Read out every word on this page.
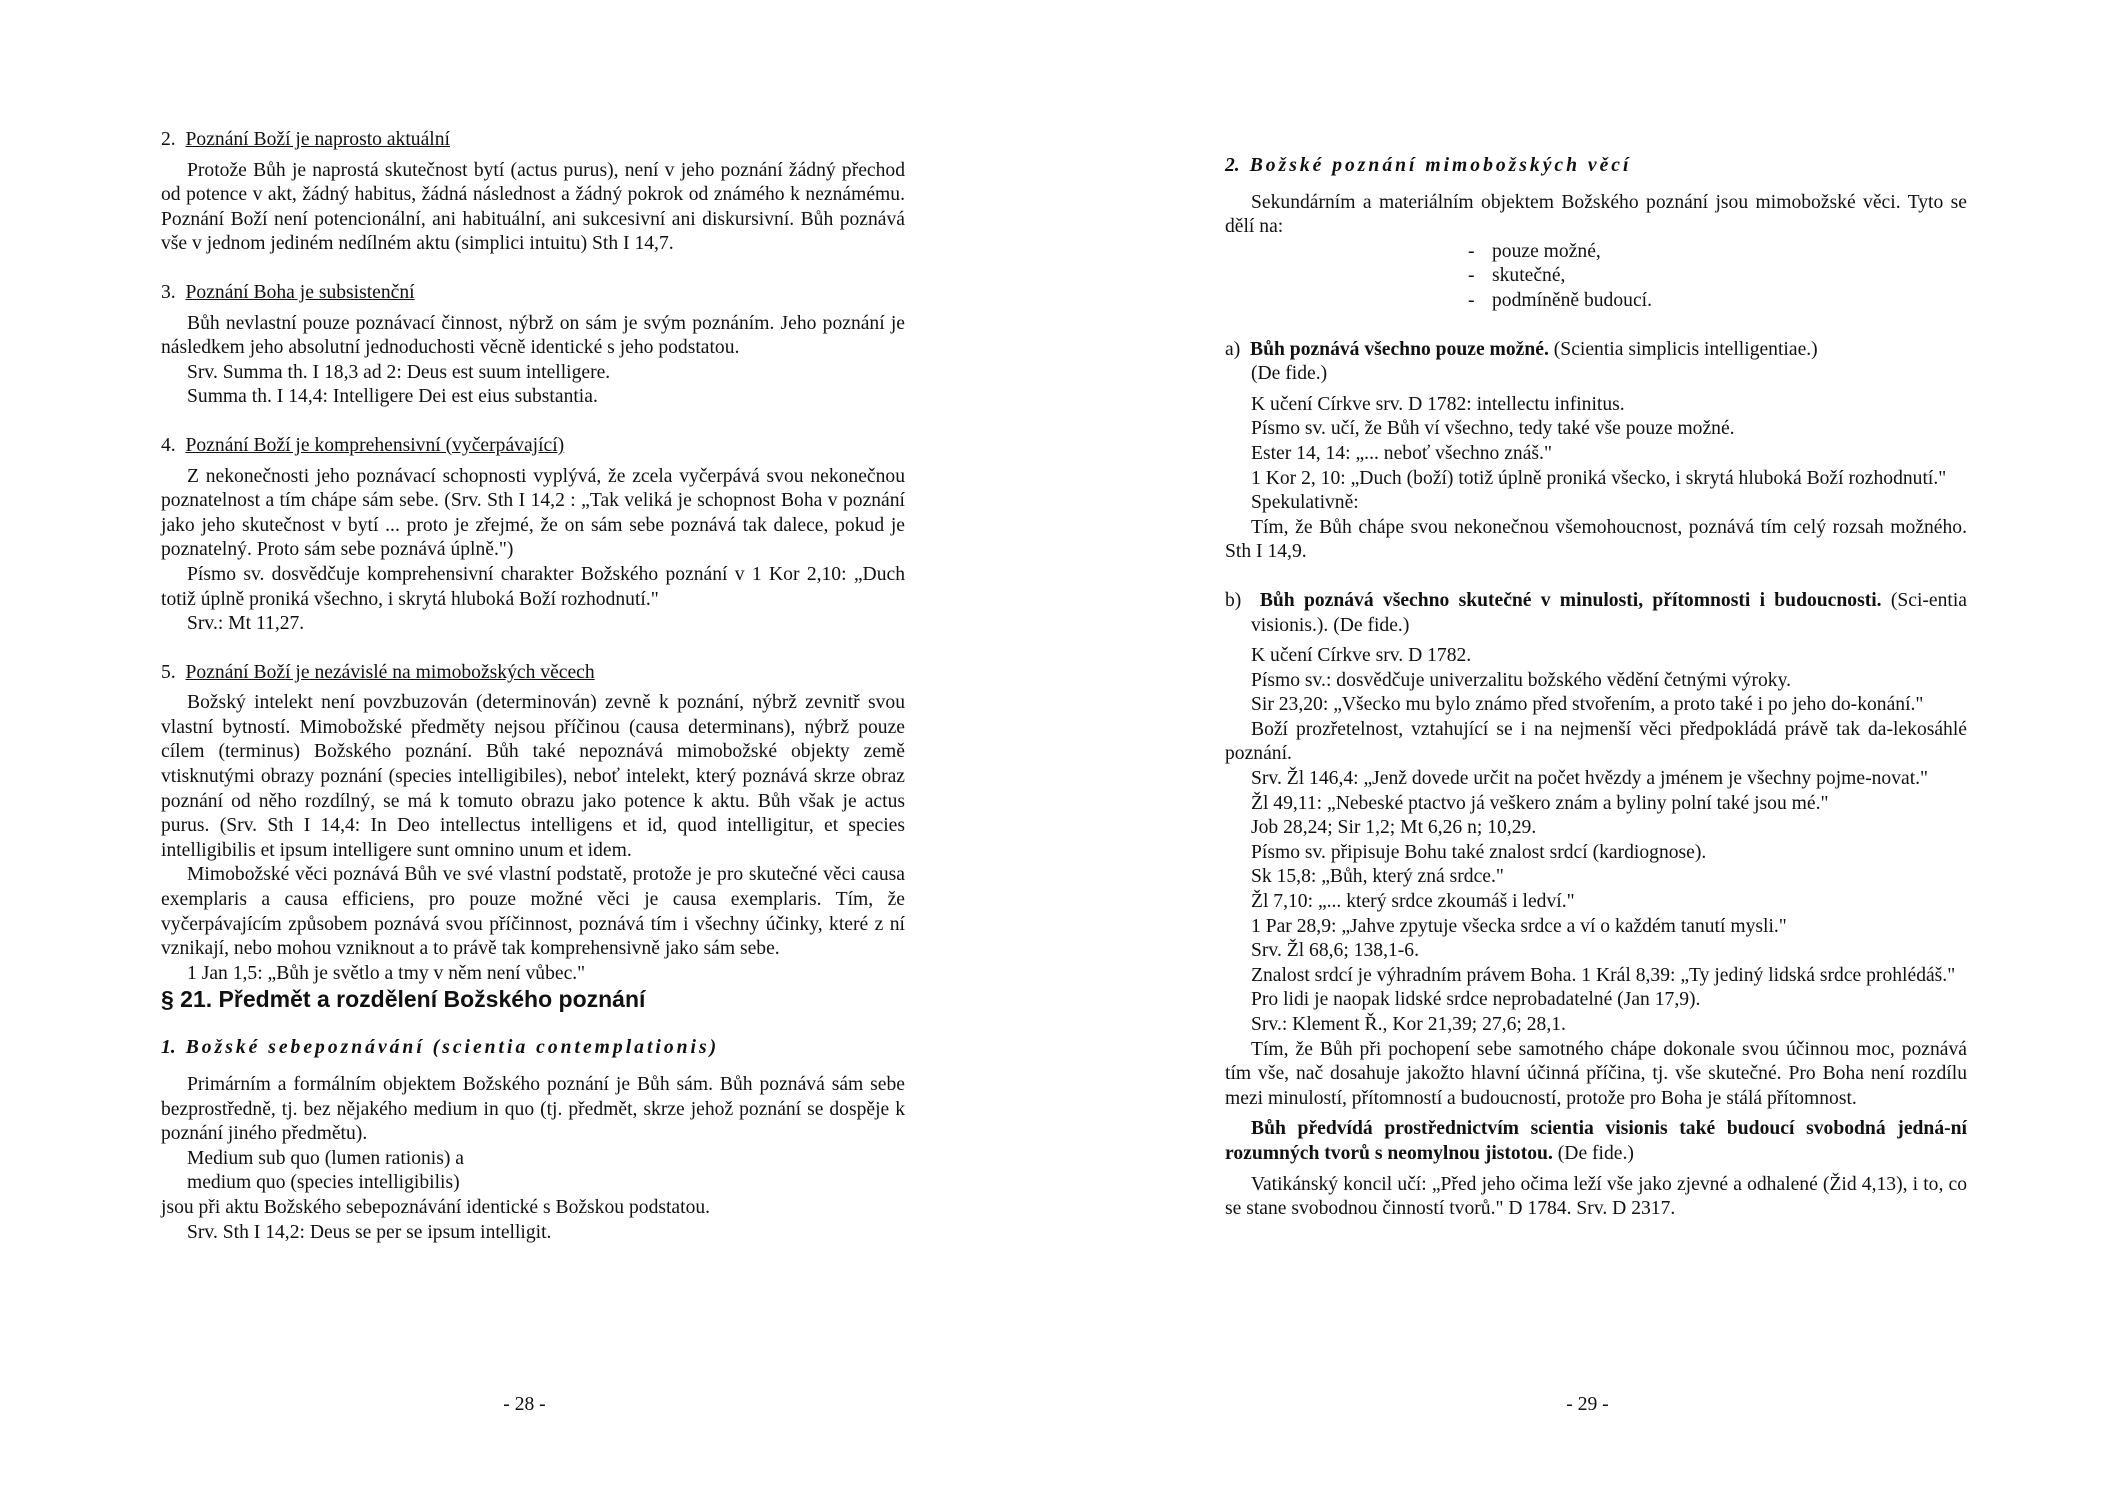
2. Poznání Boží je naprosto aktuální

Protože Bůh je naprostá skutečnost bytí (actus purus), není v jeho poznání žádný přechod od potence v akt, žádný habitus, žádná následnost a žádný pokrok od známého k neznámému. Poznání Boží není potencionální, ani habituální, ani sukcesivní ani diskursivní. Bůh poznává vše v jednom jediném nedílném aktu (simplici intuitu) Sth I 14,7.

3. Poznání Boha je subsistenční

Bůh nevlastní pouze poznávací činnost, nýbrž on sám je svým poznáním. Jeho poznání je následkem jeho absolutní jednoduchosti věcně identické s jeho podstatou.

Srv. Summa th. I 18,3 ad 2: Deus est suum intelligere.

Summa th. I 14,4: Intelligere Dei est eius substantia.

4. Poznání Boží je komprehensivní (vyčerpávající)

Z nekonečnosti jeho poznávací schopnosti vyplývá, že zcela vyčerpává svou nekonečnou poznatelnost a tím chápe sám sebe. (Srv. Sth I 14,2 : „Tak veliká je schopnost Boha v poznání jako jeho skutečnost v bytí ... proto je zřejmé, že on sám sebe poznává tak dalece, pokud je poznatelný. Proto sám sebe poznává úplně.")

Písmo sv. dosvědčuje komprehensivní charakter Božského poznání v 1 Kor 2,10: „Duch totiž úplně proniká všechno, i skrytá hluboká Boží rozhodnutí."

Srv.: Mt 11,27.

5. Poznání Boží je nezávislé na mimobožských věcech

Božský intelekt není povzbuzován (determinován) zevně k poznání, nýbrž zevnitř svou vlastní bytností. Mimobožské předměty nejsou příčinou (causa determinans), nýbrž pouze cílem (terminus) Božského poznání. Bůh také nepoznává mimobožské objekty země vtisknutými obrazy poznání (species intelligibiles), neboť intelekt, který poznává skrze obraz poznání od něho rozdílný, se má k tomuto obrazu jako potence k aktu. Bůh však je actus purus. (Srv. Sth I 14,4: In Deo intellectus intelligens et id, quod intelligitur, et species intelligibilis et ipsum intelligere sunt omnino unum et idem.

Mimobožské věci poznává Bůh ve své vlastní podstatě, protože je pro skutečné věci causa exemplaris a causa efficiens, pro pouze možné věci je causa exemplaris. Tím, že vyčerpávajícím způsobem poznává svou příčinnost, poznává tím i všechny účinky, které z ní vznikají, nebo mohou vzniknout a to právě tak komprehensivně jako sám sebe.

1 Jan 1,5: „Bůh je světlo a tmy v něm není vůbec."

§ 21. Předmět a rozdělení Božského poznání

1. Božské sebepoznávání (scientia contemplationis)

Primárním a formálním objektem Božského poznání je Bůh sám. Bůh poznává sám sebe bezprostředně, tj. bez nějakého medium in quo (tj. předmět, skrze jehož poznání se dospěje k poznání jiného předmětu).

Medium sub quo (lumen rationis) a

medium quo (species intelligibilis)

jsou při aktu Božského sebepoznávání identické s Božskou podstatou.

Srv. Sth I 14,2: Deus se per se ipsum intelligit.

- 28 -

2. Božské poznání mimobožských věcí

Sekundárním a materiálním objektem Božského poznání jsou mimobožské věci. Tyto se dělí na:

- pouze možné,
- skutečné,
- podmíněně budoucí.

a) Bůh poznává všechno pouze možné. (Scientia simplicis intelligentiae.)

(De fide.)

K učení Církve srv. D 1782: intellectu infinitus.

Písmo sv. učí, že Bůh ví všechno, tedy také vše pouze možné.

Ester 14, 14: „... neboť všechno znáš."

1 Kor 2, 10: „Duch (boží) totiž úplně proniká všecko, i skrytá hluboká Boží rozhodnutí."

Spekulativně:

Tím, že Bůh chápe svou nekonečnou všemohoucnost, poznává tím celý rozsah možného. Sth I 14,9.

b) Bůh poznává všechno skutečné v minulosti, přítomnosti i budoucnosti. (Sci-entia visionis.). (De fide.)

K učení Církve srv. D 1782.

Písmo sv.: dosvědčuje univerzalitu božského vědění četnými výroky.

Sir 23,20: „Všecko mu bylo známo před stvořením, a proto také i po jeho do-konání."

Boží prozřetelnost, vztahující se i na nejmenší věci předpokládá právě tak da-lekosáhlé poznání.

Srv. Žl 146,4: „Jenž dovede určit na počet hvězdy a jménem je všechny pojme-novat."

Žl 49,11: „Nebeské ptactvo já veškero znám a byliny polní také jsou mé."

Job 28,24; Sir 1,2; Mt 6,26 n; 10,29.

Písmo sv. připisuje Bohu také znalost srdcí (kardiognose).

Sk 15,8: „Bůh, který zná srdce."

Žl 7,10: „... který srdce zkoumáš i ledví."

1 Par 28,9: „Jahve zpytuje všecka srdce a ví o každém tanutí mysli."

Srv. Žl 68,6; 138,1-6.

Znalost srdcí je výhradním právem Boha. 1 Král 8,39: „Ty jediný lidská srdce prohlédáš."

Pro lidi je naopak lidské srdce neprobadatelné (Jan 17,9).

Srv.: Klement Ř., Kor 21,39; 27,6; 28,1.

Tím, že Bůh při pochopení sebe samotného chápe dokonale svou účinnou moc, poznává tím vše, nač dosahuje jakožto hlavní účinná příčina, tj. vše skutečné. Pro Boha není rozdílu mezi minulostí, přítomností a budoucností, protože pro Boha je stálá přítomnost.

Bůh předvídá prostřednictvím scientia visionis také budoucí svobodná jedná-ní rozumných tvorů s neomylnou jistotou. (De fide.)

Vatikánský koncil učí: „Před jeho očima leží vše jako zjevné a odhalené (Žid 4,13), i to, co se stane svobodnou činností tvorů." D 1784. Srv. D 2317.

- 29 -
